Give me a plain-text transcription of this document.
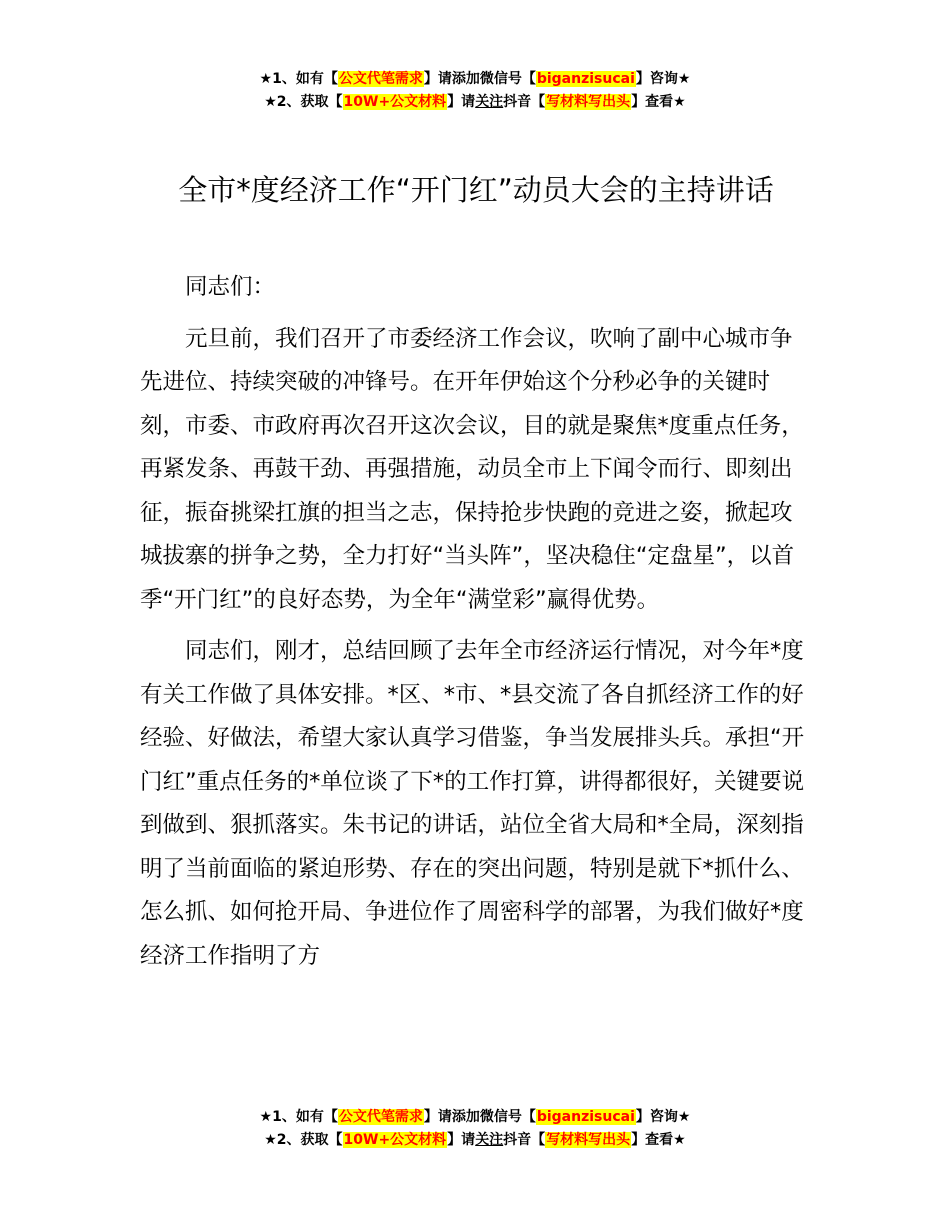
★1、如有【公文代笔需求】请添加微信号【biganzisucai】咨询★
★2、获取【10W+公文材料】请关注抖音【写材料写出头】查看★
全市*度经济工作“开门红”动员大会的主持讲话

同志们：

元旦前，我们召开了市委经济工作会议，吹响了副中心城市争先进位、持续突破的冲锋号。在开年伊始这个分秒必争的关键时刻，市委、市政府再次召开这次会议，目的就是聚焦*度重点任务，再紧发条、再鼓干劲、再强措施，动员全市上下闻令而行、即刻出征，振奋挑梁扛旗的担当之志，保持抢步快跑的竞进之姿，掀起攻城拔寨的拼争之势，全力打好“当头阵”，坚决稳住“定盘星”，以首季“开门红”的良好态势，为全年“满堂彩”赢得优势。

同志们，刚才，总结回顾了去年全市经济运行情况，对今年*度有关工作做了具体安排。*区、*市、*县交流了各自抓经济工作的好经验、好做法，希望大家认真学习借鉴，争当发展排头兵。承担“开门红”重点任务的*单位谈了下*的工作打算，讲得都很好，关键要说到做到、狠抓落实。朱书记的讲话，站位全省大局和*全局，深刻指明了当前面临的紧迫形势、存在的突出问题，特别是就下*抓什么、怎么抓、如何抢开局、争进位作了周密科学的部署，为我们做好*度经济工作指明了方

★1、如有【公文代笔需求】请添加微信号【biganzisucai】咨询★
★2、获取【10W+公文材料】请关注抖音【写材料写出头】查看★
